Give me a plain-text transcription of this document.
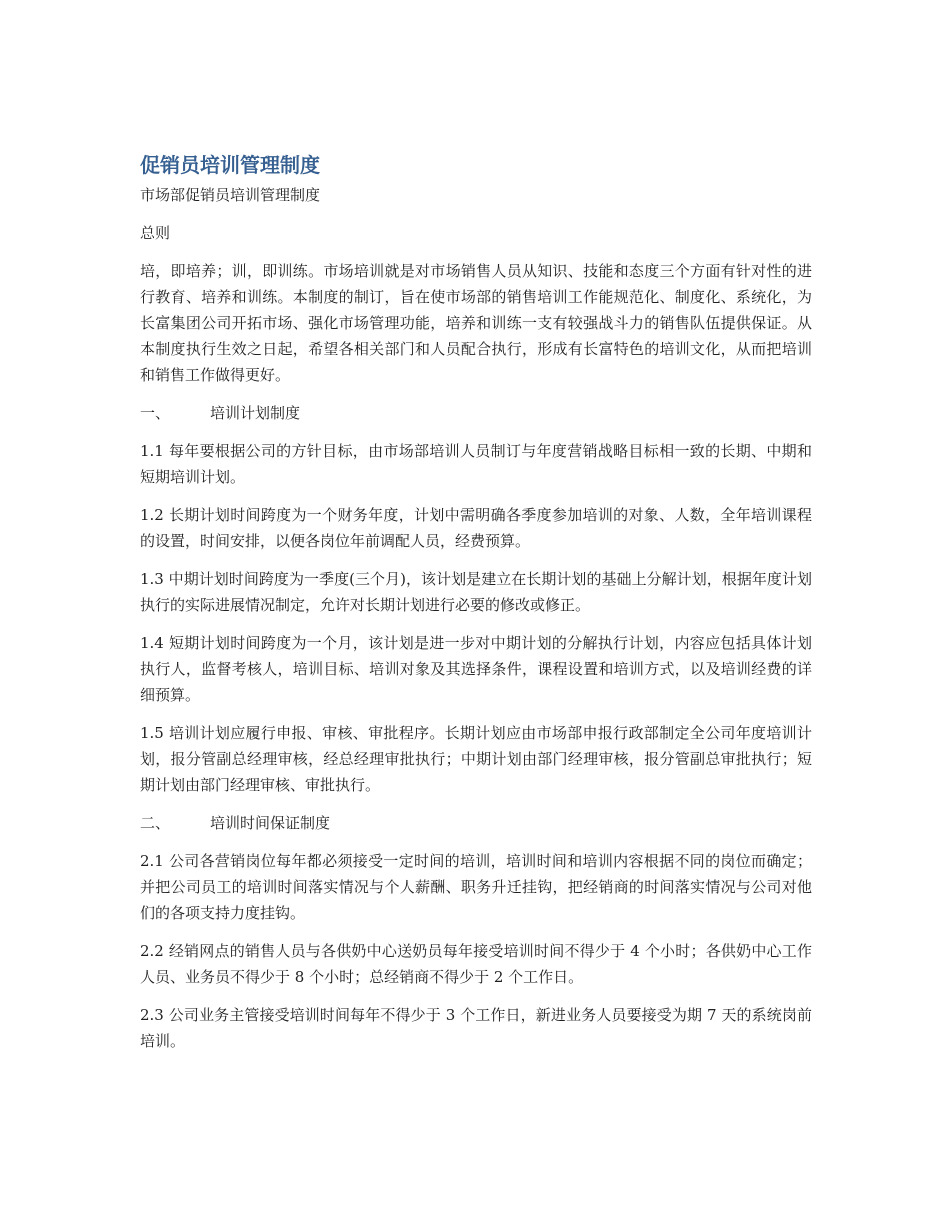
促销员培训管理制度

市场部促销员培训管理制度

总则

培，即培养；训，即训练。市场培训就是对市场销售人员从知识、技能和态度三个方面有针对性的进行教育、培养和训练。本制度的制订，旨在使市场部的销售培训工作能规范化、制度化、系统化，为长富集团公司开拓市场、强化市场管理功能，培养和训练一支有较强战斗力的销售队伍提供保证。从本制度执行生效之日起，希望各相关部门和人员配合执行，形成有长富特色的培训文化，从而把培训和销售工作做得更好。

一、	培训计划制度

1.1 每年要根据公司的方针目标，由市场部培训人员制订与年度营销战略目标相一致的长期、中期和短期培训计划。

1.2 长期计划时间跨度为一个财务年度，计划中需明确各季度参加培训的对象、人数，全年培训课程的设置，时间安排，以便各岗位年前调配人员，经费预算。

1.3 中期计划时间跨度为一季度(三个月)，该计划是建立在长期计划的基础上分解计划，根据年度计划执行的实际进展情况制定，允许对长期计划进行必要的修改或修正。

1.4 短期计划时间跨度为一个月，该计划是进一步对中期计划的分解执行计划，内容应包括具体计划执行人，监督考核人，培训目标、培训对象及其选择条件，课程设置和培训方式，以及培训经费的详细预算。

1.5 培训计划应履行申报、审核、审批程序。长期计划应由市场部申报行政部制定全公司年度培训计划，报分管副总经理审核，经总经理审批执行；中期计划由部门经理审核，报分管副总审批执行；短期计划由部门经理审核、审批执行。

二、	培训时间保证制度

2.1 公司各营销岗位每年都必须接受一定时间的培训，培训时间和培训内容根据不同的岗位而确定；并把公司员工的培训时间落实情况与个人薪酬、职务升迁挂钩，把经销商的时间落实情况与公司对他们的各项支持力度挂钩。

2.2 经销网点的销售人员与各供奶中心送奶员每年接受培训时间不得少于 4 个小时；各供奶中心工作人员、业务员不得少于 8 个小时；总经销商不得少于 2 个工作日。

2.3 公司业务主管接受培训时间每年不得少于 3 个工作日，新进业务人员要接受为期 7 天的系统岗前培训。
